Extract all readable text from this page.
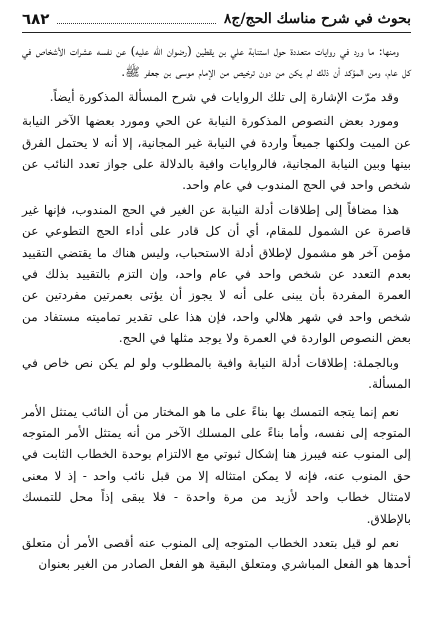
بحوث في شرح مناسك الحج/ج٨
٦٨٢

ومنها: ما ورد في روايات متعددة حول استنابة علي بن يقطين (رضوان الله عليه) عن نفسه عشرات الأشخاص في كل عام، ومن المؤكد أن ذلك لم يكن من دون ترخيص من الإمام موسى بن جعفر ﷺ.

وقد مرّت الإشارة إلى تلك الروايات في شرح المسألة المذكورة أيضاً.

ومورد بعض النصوص المذكورة النيابة عن الحي ومورد بعضها الآخر النيابة عن الميت ولكنها جميعاً واردة في النيابة غير المجانية، إلا أنه لا يحتمل الفرق بينها وبين النيابة المجانية، فالروايات وافية بالدلالة على جواز تعدد النائب عن شخص واحد في الحج المندوب في عام واحد.

هذا مضافاً إلى إطلاقات أدلة النيابة عن الغير في الحج المندوب، فإنها غير قاصرة عن الشمول للمقام، أي أن كل قادر على أداء الحج التطوعي عن مؤمن آخر هو مشمول لإطلاق أدلة الاستحباب، وليس هناك ما يقتضي التقييد بعدم التعدد عن شخص واحد في عام واحد، وإن التزم بالتقييد بذلك في العمرة المفردة بأن يبنى على أنه لا يجوز أن يؤتى بعمرتين مفردتين عن شخص واحد في شهر هلالي واحد، فإن هذا على تقدير تماميته مستفاد من بعض النصوص الواردة في العمرة ولا يوجد مثلها في الحج.

وبالجملة: إطلاقات أدلة النيابة وافية بالمطلوب ولو لم يكن نص خاص في المسألة.

نعم إنما يتجه التمسك بها بناءً على ما هو المختار من أن النائب يمتثل الأمر المتوجه إلى نفسه، وأما بناءً على المسلك الآخر من أنه يمتثل الأمر المتوجه إلى المنوب عنه فيبرز هنا إشكال ثبوتي مع الالتزام بوحدة الخطاب الثابت في حق المنوب عنه، فإنه لا يمكن امتثاله إلا من قبل نائب واحد - إذ لا معنى لامتثال خطاب واحد لأزيد من مرة واحدة - فلا يبقى إذاً محل للتمسك بالإطلاق.

نعم لو قيل بتعدد الخطاب المتوجه إلى المنوب عنه أقصى الأمر أن متعلق أحدها هو الفعل المباشري ومتعلق البقية هو الفعل الصادر من الغير بعنوان
